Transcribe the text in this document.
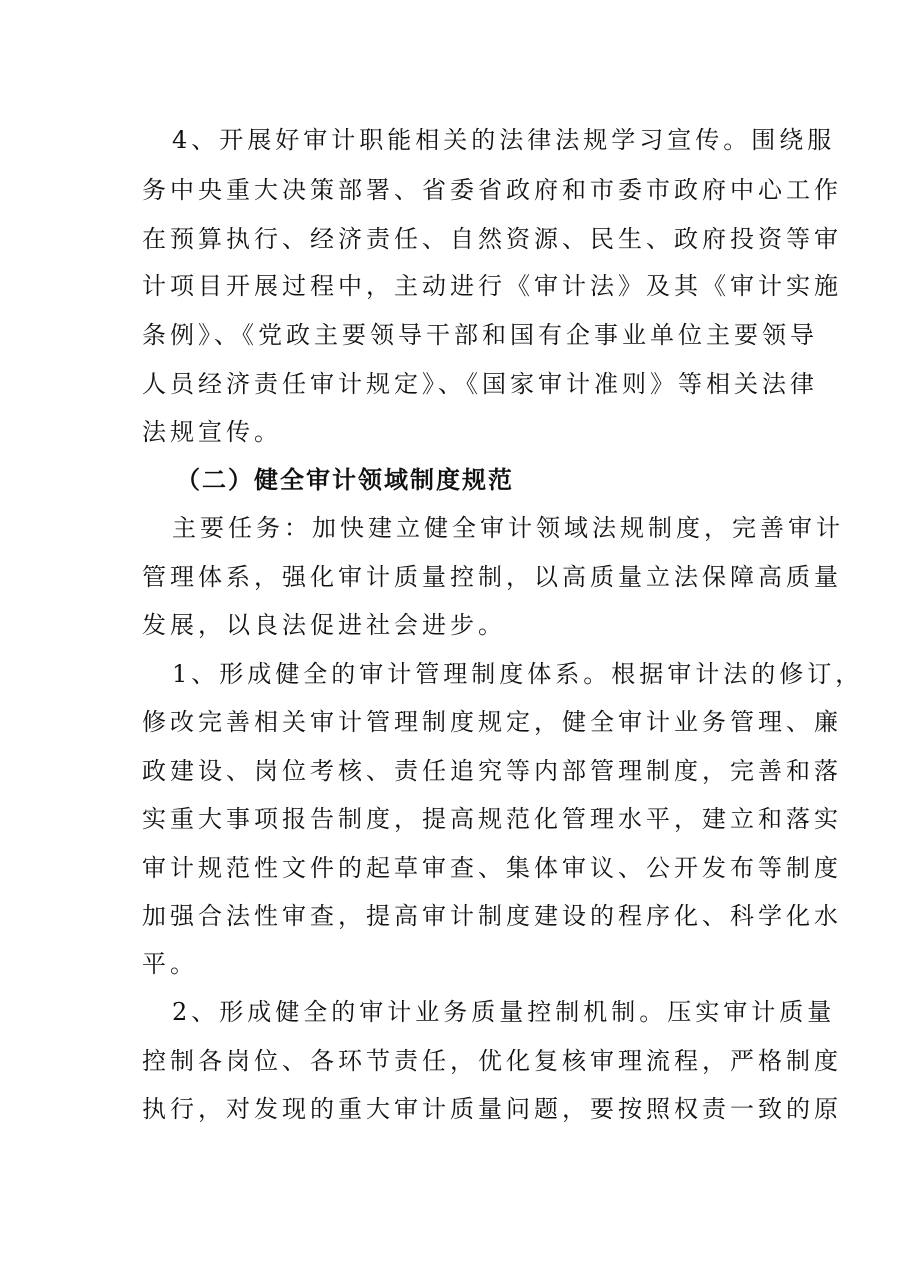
4、开展好审计职能相关的法律法规学习宣传。围绕服

务中央重大决策部署、省委省政府和市委市政府中心工作

在预算执行、经济责任、自然资源、民生、政府投资等审

计项目开展过程中，主动进行《审计法》及其《审计实施

条例》、《党政主要领导干部和国有企事业单位主要领导

人员经济责任审计规定》、《国家审计准则》等相关法律

法规宣传。

（二）健全审计领域制度规范

主要任务：加快建立健全审计领域法规制度，完善审计

管理体系，强化审计质量控制，以高质量立法保障高质量

发展，以良法促进社会进步。

1、形成健全的审计管理制度体系。根据审计法的修订，

修改完善相关审计管理制度规定，健全审计业务管理、廉

政建设、岗位考核、责任追究等内部管理制度，完善和落

实重大事项报告制度，提高规范化管理水平，建立和落实

审计规范性文件的起草审查、集体审议、公开发布等制度

加强合法性审查，提高审计制度建设的程序化、科学化水

平。

2、形成健全的审计业务质量控制机制。压实审计质量

控制各岗位、各环节责任，优化复核审理流程，严格制度

执行，对发现的重大审计质量问题，要按照权责一致的原
